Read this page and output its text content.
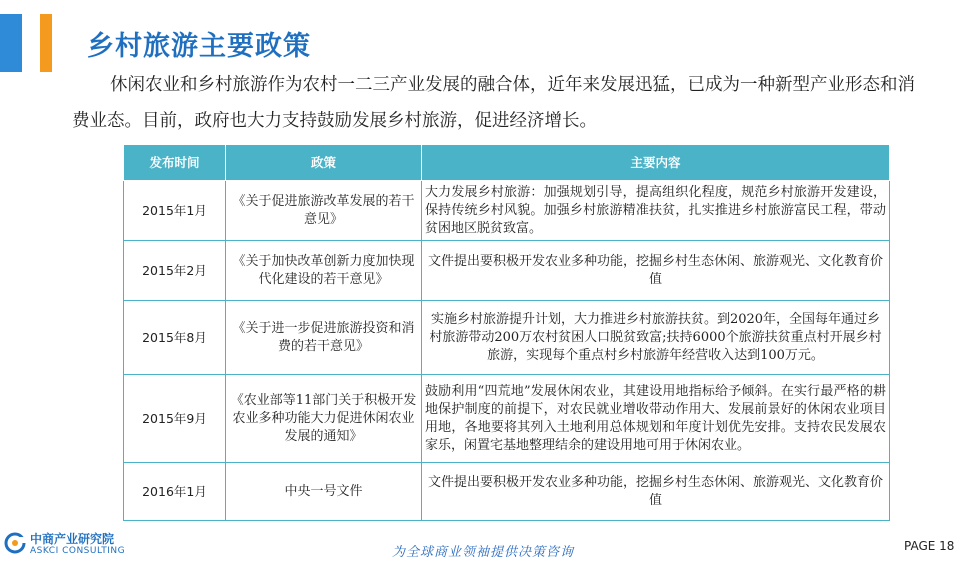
乡村旅游主要政策

休闲农业和乡村旅游作为农村一二三产业发展的融合体，近年来发展迅猛，已成为一种新型产业形态和消费业态。目前，政府也大力支持鼓励发展乡村旅游，促进经济增长。

发布时间	政策	主要内容
2015年1月	《关于促进旅游改革发展的若干意见》	大力发展乡村旅游：加强规划引导，提高组织化程度，规范乡村旅游开发建设，保持传统乡村风貌。加强乡村旅游精准扶贫，扎实推进乡村旅游富民工程，带动贫困地区脱贫致富。
2015年2月	《关于加快改革创新力度加快现代化建设的若干意见》	文件提出要积极开发农业多种功能，挖掘乡村生态休闲、旅游观光、文化教育价值
2015年8月	《关于进一步促进旅游投资和消费的若干意见》	实施乡村旅游提升计划，大力推进乡村旅游扶贫。到2020年，全国每年通过乡村旅游带动200万农村贫困人口脱贫致富;扶持6000个旅游扶贫重点村开展乡村旅游，实现每个重点村乡村旅游年经营收入达到100万元。
2015年9月	《农业部等11部门关于积极开发农业多种功能大力促进休闲农业发展的通知》	鼓励利用“四荒地”发展休闲农业，其建设用地指标给予倾斜。在实行最严格的耕地保护制度的前提下，对农民就业增收带动作用大、发展前景好的休闲农业项目用地，各地要将其列入土地利用总体规划和年度计划优先安排。支持农民发展农家乐，闲置宅基地整理结余的建设用地可用于休闲农业。
2016年1月	中央一号文件	文件提出要积极开发农业多种功能，挖掘乡村生态休闲、旅游观光、文化教育价值
中商产业研究院
ASKCI CONSULTING	为全球商业领袖提供决策咨询	PAGE 18
